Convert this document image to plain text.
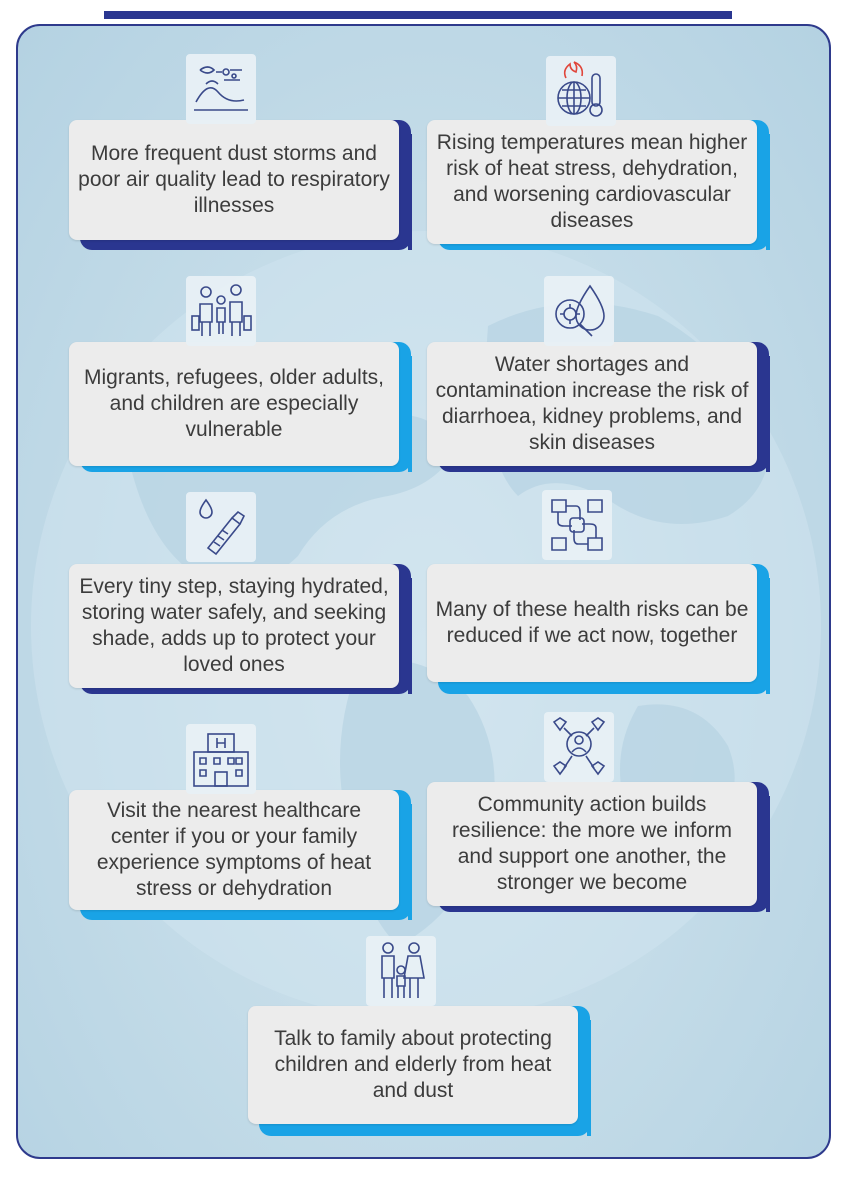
More frequent dust storms and poor air quality lead to respiratory illnesses
Rising temperatures mean higher risk of heat stress, dehydration, and worsening cardiovascular diseases
Migrants, refugees, older adults, and children are especially vulnerable
Water shortages and contamination increase the risk of diarrhoea, kidney problems, and skin diseases
Every tiny step, staying hydrated, storing water safely, and seeking shade, adds up to protect your loved ones
Many of these health risks can be reduced if we act now, together
Visit the nearest healthcare center if you or your family experience symptoms of heat stress or dehydration
Community action builds resilience: the more we inform and support one another, the stronger we become
Talk to family about protecting children and elderly from heat and dust
